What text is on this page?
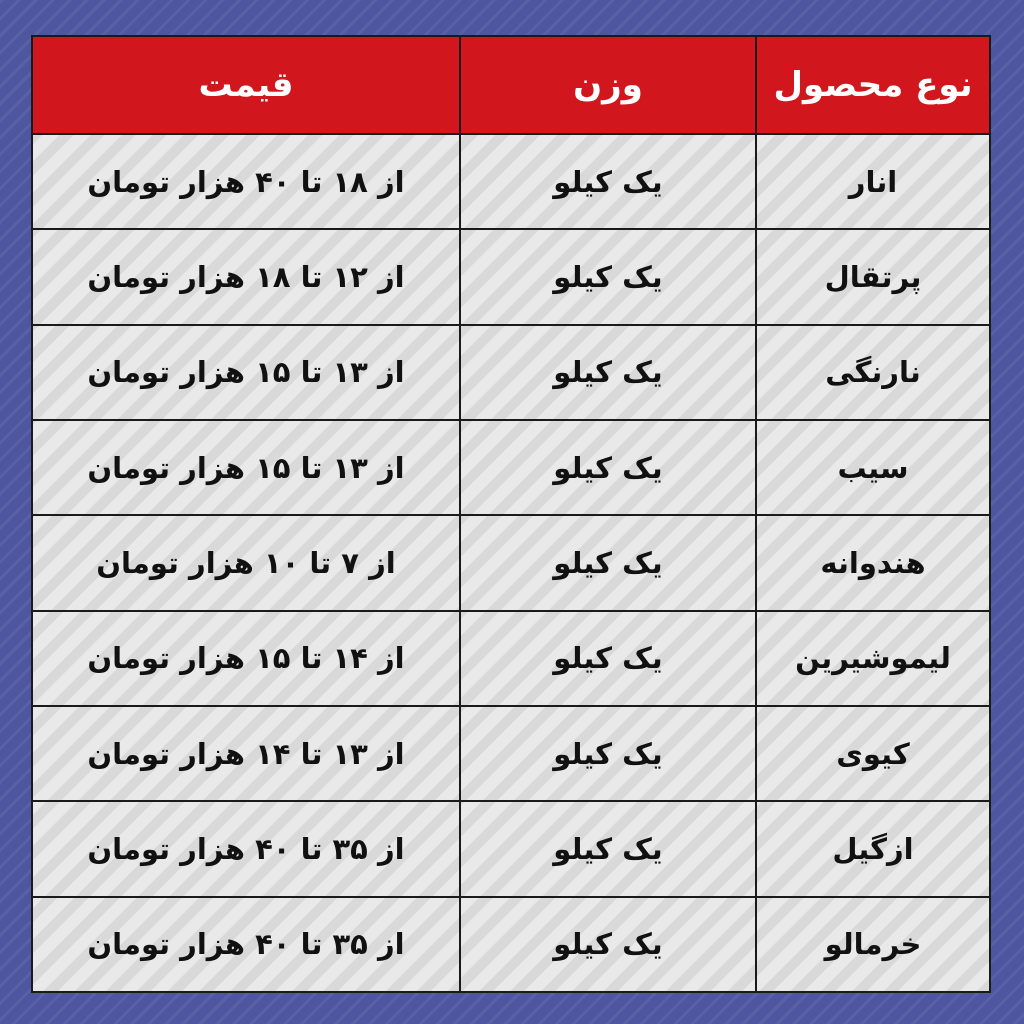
نوع محصول	وزن	قیمت
انار	یک کیلو	از ۱۸ تا ۴۰ هزار تومان
پرتقال	یک کیلو	از ۱۲ تا ۱۸ هزار تومان
نارنگی	یک کیلو	از ۱۳ تا ۱۵ هزار تومان
سیب	یک کیلو	از ۱۳ تا ۱۵ هزار تومان
هندوانه	یک کیلو	از ۷ تا ۱۰ هزار تومان
لیموشیرین	یک کیلو	از ۱۴ تا ۱۵ هزار تومان
کیوی	یک کیلو	از ۱۳ تا ۱۴ هزار تومان
ازگیل	یک کیلو	از ۳۵ تا ۴۰ هزار تومان
خرمالو	یک کیلو	از ۳۵ تا ۴۰ هزار تومان
